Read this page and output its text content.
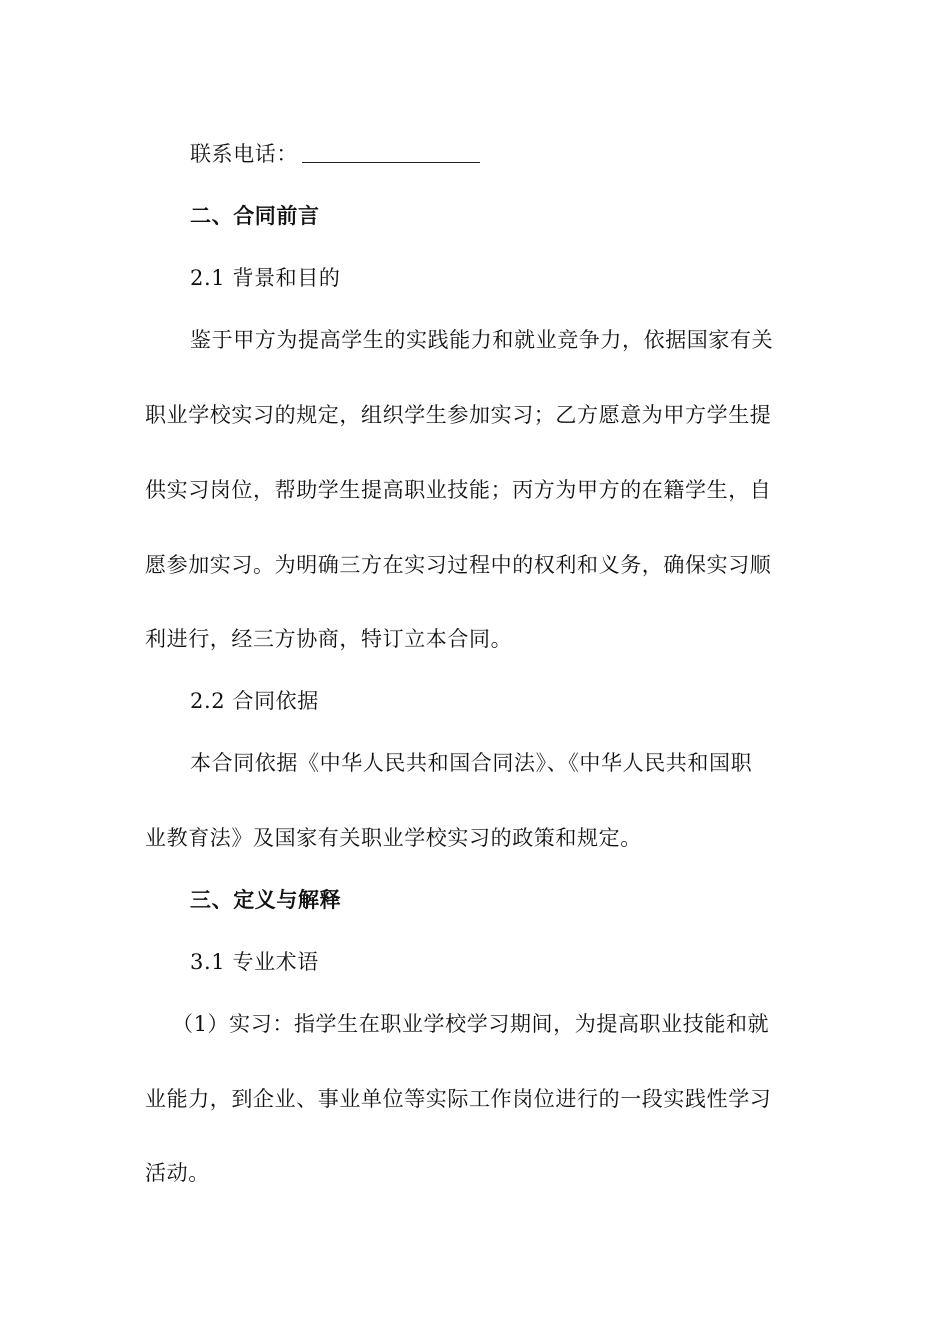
联系电话：
二、合同前言
2.1 背景和目的
鉴于甲方为提高学生的实践能力和就业竞争力，依据国家有关
职业学校实习的规定，组织学生参加实习；乙方愿意为甲方学生提
供实习岗位，帮助学生提高职业技能；丙方为甲方的在籍学生，自
愿参加实习。为明确三方在实习过程中的权利和义务，确保实习顺
利进行，经三方协商，特订立本合同。
2.2 合同依据
本合同依据《中华人民共和国合同法》、《中华人民共和国职
业教育法》及国家有关职业学校实习的政策和规定。
三、定义与解释
3.1 专业术语
（1）实习：指学生在职业学校学习期间，为提高职业技能和就
业能力，到企业、事业单位等实际工作岗位进行的一段实践性学习
活动。
